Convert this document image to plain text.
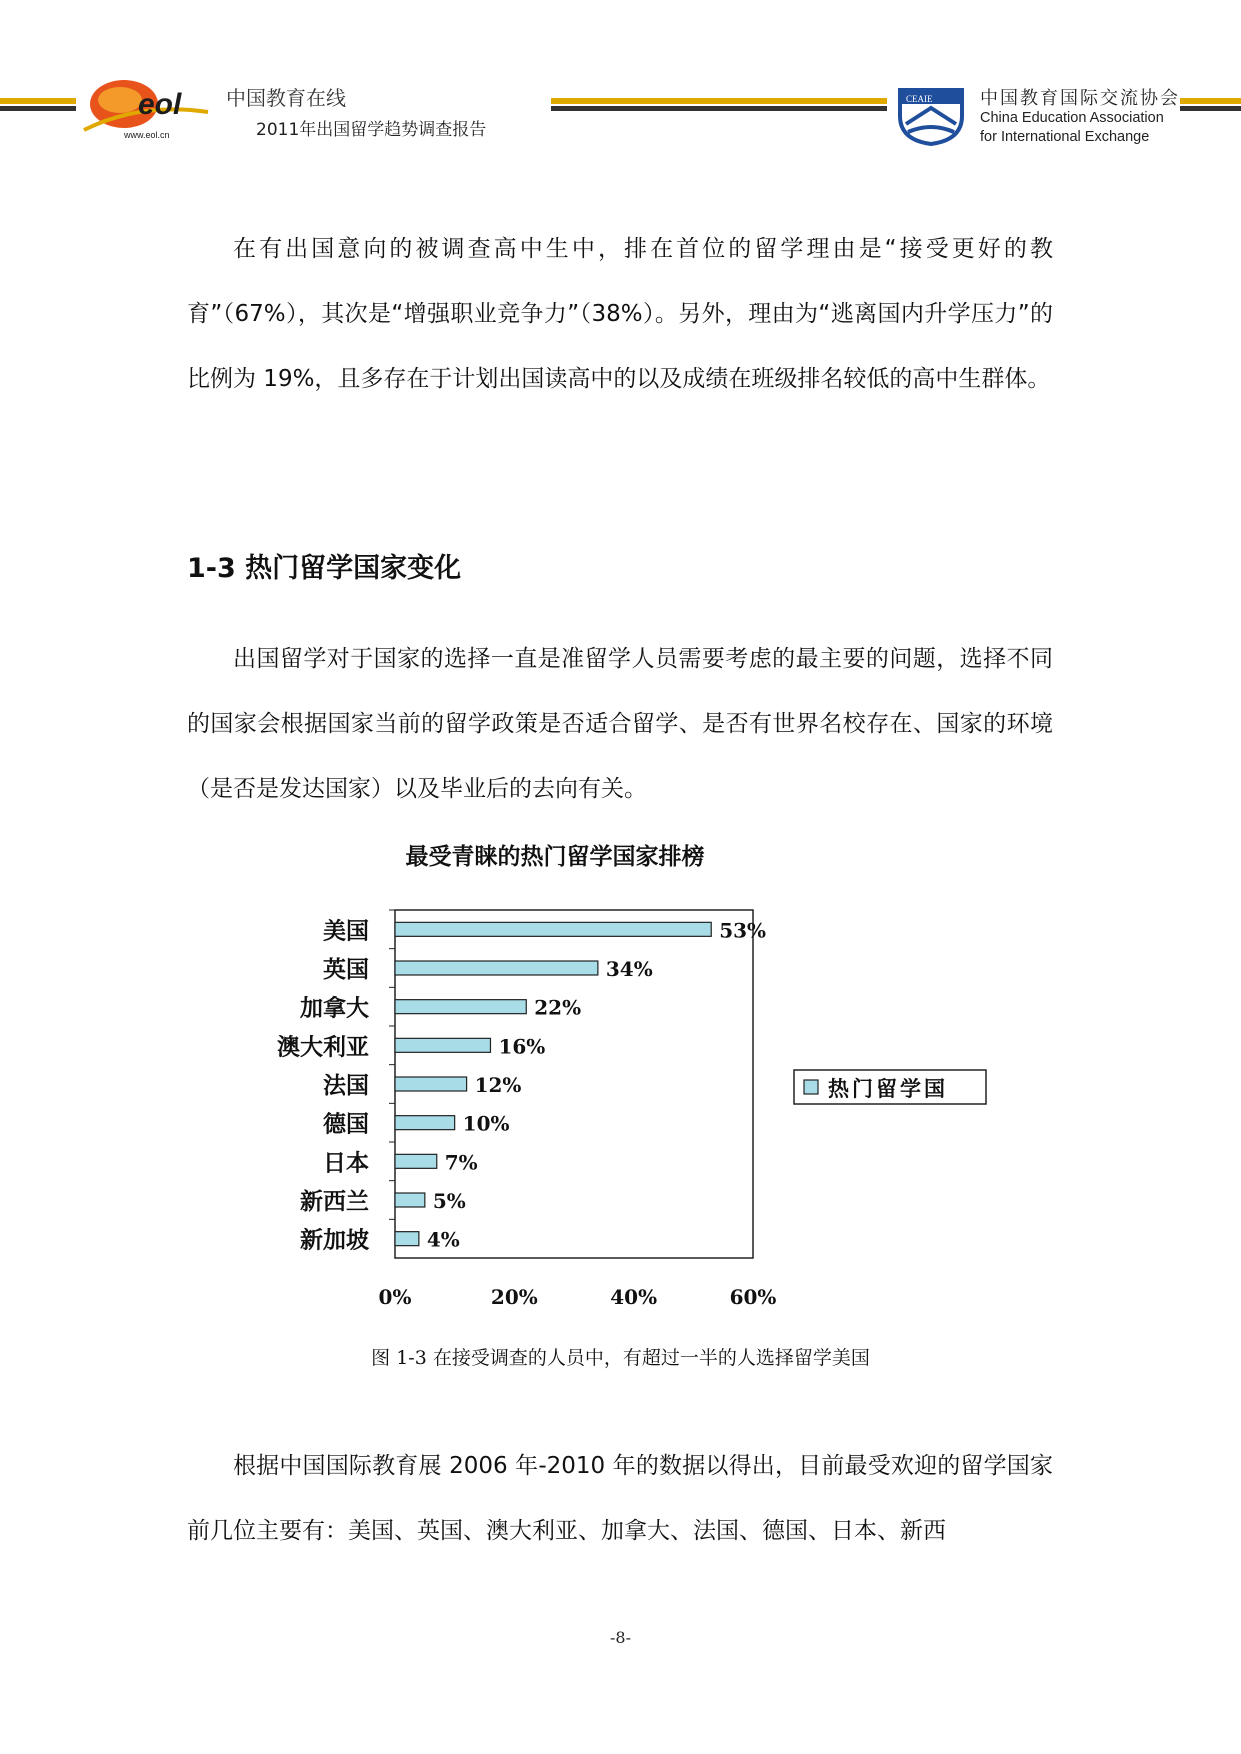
eol
www.eol.cn
中国教育在线
2011年出国留学趋势调查报告
CEAIE	中国教育国际交流协会
China Education Association
for International Exchange

在有出国意向的被调查高中生中，排在首位的留学理由是“接受更好的教育”（67%），其次是“增强职业竞争力”（38%）。另外，理由为“逃离国内升学压力”的比例为 19%，且多存在于计划出国读高中的以及成绩在班级排名较低的高中生群体。

1-3 热门留学国家变化

出国留学对于国家的选择一直是准留学人员需要考虑的最主要的问题，选择不同的国家会根据国家当前的留学政策是否适合留学、是否有世界名校存在、国家的环境（是否是发达国家）以及毕业后的去向有关。

最受青睐的热门留学国家排榜
美国	53%
英国	34%
加拿大	22%
澳大利亚	16%
法国	12%
德国	10%
日本	7%
新西兰	5%
新加坡	4%
0%	20%	40%	60%
热门留学国
图 1-3 在接受调查的人员中，有超过一半的人选择留学美国

根据中国国际教育展 2006 年-2010 年的数据以得出，目前最受欢迎的留学国家前几位主要有：美国、英国、澳大利亚、加拿大、法国、德国、日本、新西

-8-
